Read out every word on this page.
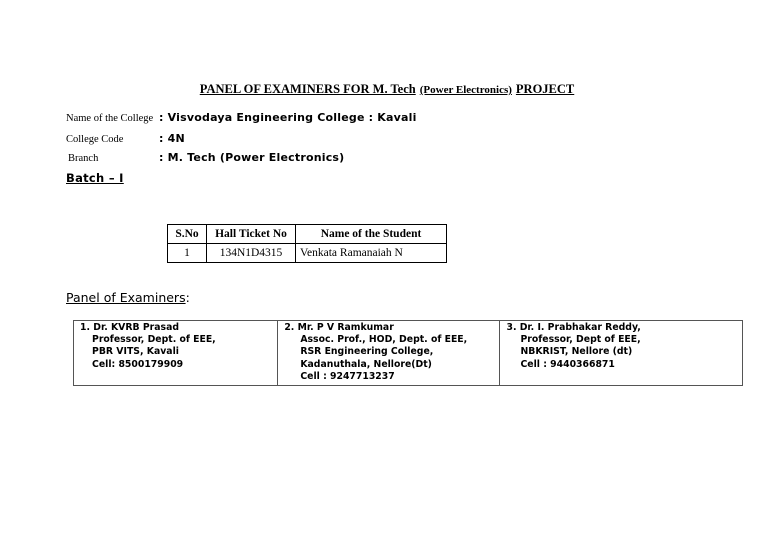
PANEL OF EXAMINERS FOR M. Tech (Power Electronics) PROJECT
Name of the College : Visvodaya Engineering College : Kavali
College Code	: 4N
Branch	: M. Tech (Power Electronics)
Batch – I
S.No	Hall Ticket No	Name of the Student
1	134N1D4315	Venkata Ramanaiah N
Panel of Examiners:
1. Dr. KVRB Prasad
Professor, Dept. of EEE,
PBR VITS, Kavali
Cell: 8500179909

2. Mr. P V Ramkumar
Assoc. Prof., HOD, Dept. of EEE,
RSR Engineering College,
Kadanuthala, Nellore(Dt)
Cell : 9247713237

3. Dr. I. Prabhakar Reddy,
Professor, Dept of EEE,
NBKRIST, Nellore (dt)
Cell : 9440366871
